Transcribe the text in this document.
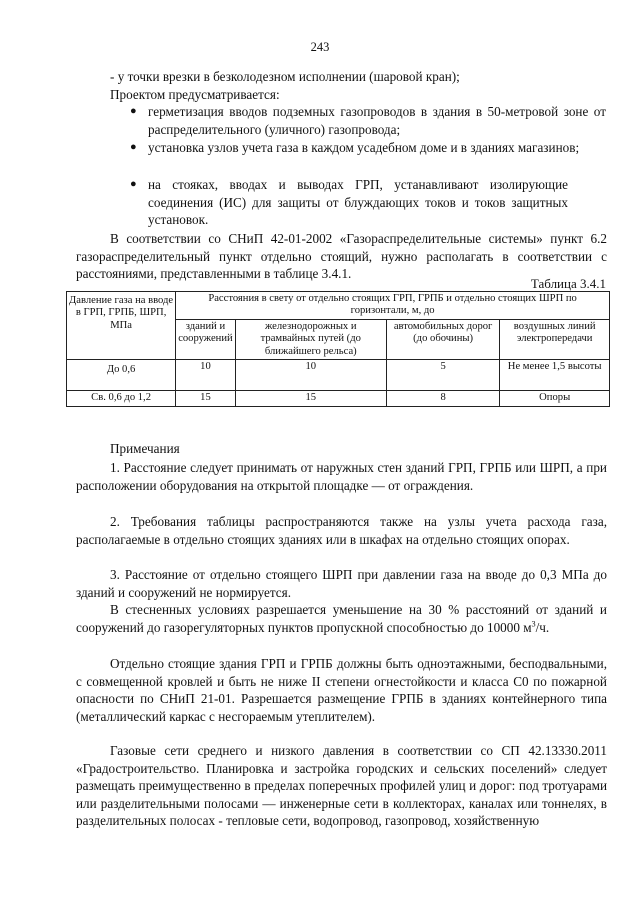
243

- у точки врезки в безколодезном исполнении (шаровой кран);

Проектом предусматривается:

● герметизация вводов подземных газопроводов в здания в 50-метровой зоне от распределительного (уличного) газопровода;

● установка узлов учета газа в каждом усадебном доме и в зданиях магазинов;

● на стояках, вводах и выводах ГРП, устанавливают изолирующие соединения (ИС) для защиты от блуждающих токов и токов защитных установок.

В соответствии со СНиП 42-01-2002 «Газораспределительные системы» пункт 6.2 газораспределительный пункт отдельно стоящий, нужно располагать в соответствии с расстояниями, представленными в таблице 3.4.1.

Таблица 3.4.1
Давление газа на вводе в ГРП, ГРПБ, ШРП, МПа	Расстояния в свету от отдельно стоящих ГРП, ГРПБ и отдельно стоящих ШРП по горизонтали, м, до			
	зданий и сооружений	железнодорожных и трамвайных путей (до ближайшего рельса)	автомобильных дорог (до обочины)	воздушных линий электропередачи
До 0,6	10	10	5	Не менее 1,5 высоты
Св. 0,6 до 1,2	15	15	8	Опоры
Примечания

1. Расстояние следует принимать от наружных стен зданий ГРП, ГРПБ или ШРП, а при расположении оборудования на открытой площадке — от ограждения.

2. Требования таблицы распространяются также на узлы учета расхода газа, располагаемые в отдельно стоящих зданиях или в шкафах на отдельно стоящих опорах.

3. Расстояние от отдельно стоящего ШРП при давлении газа на вводе до 0,3 МПа до зданий и сооружений не нормируется.

В стесненных условиях разрешается уменьшение на 30 % расстояний от зданий и сооружений до газорегуляторных пунктов пропускной способностью до 10000 $м^3/ч$.

Отдельно стоящие здания ГРП и ГРПБ должны быть одноэтажными, бесподвальными, с совмещенной кровлей и быть не ниже II степени огнестойкости и класса С0 по пожарной опасности по СНиП 21-01. Разрешается размещение ГРПБ в зданиях контейнерного типа (металлический каркас с несгораемым утеплителем).

Газовые сети среднего и низкого давления в соответствии со СП 42.13330.2011 «Градостроительство. Планировка и застройка городских и сельских поселений» следует размещать преимущественно в пределах поперечных профилей улиц и дорог: под тротуарами или разделительными полосами — инженерные сети в коллекторах, каналах или тоннелях, в разделительных полосах - тепловые сети, водопровод, газопровод, хозяйственную
